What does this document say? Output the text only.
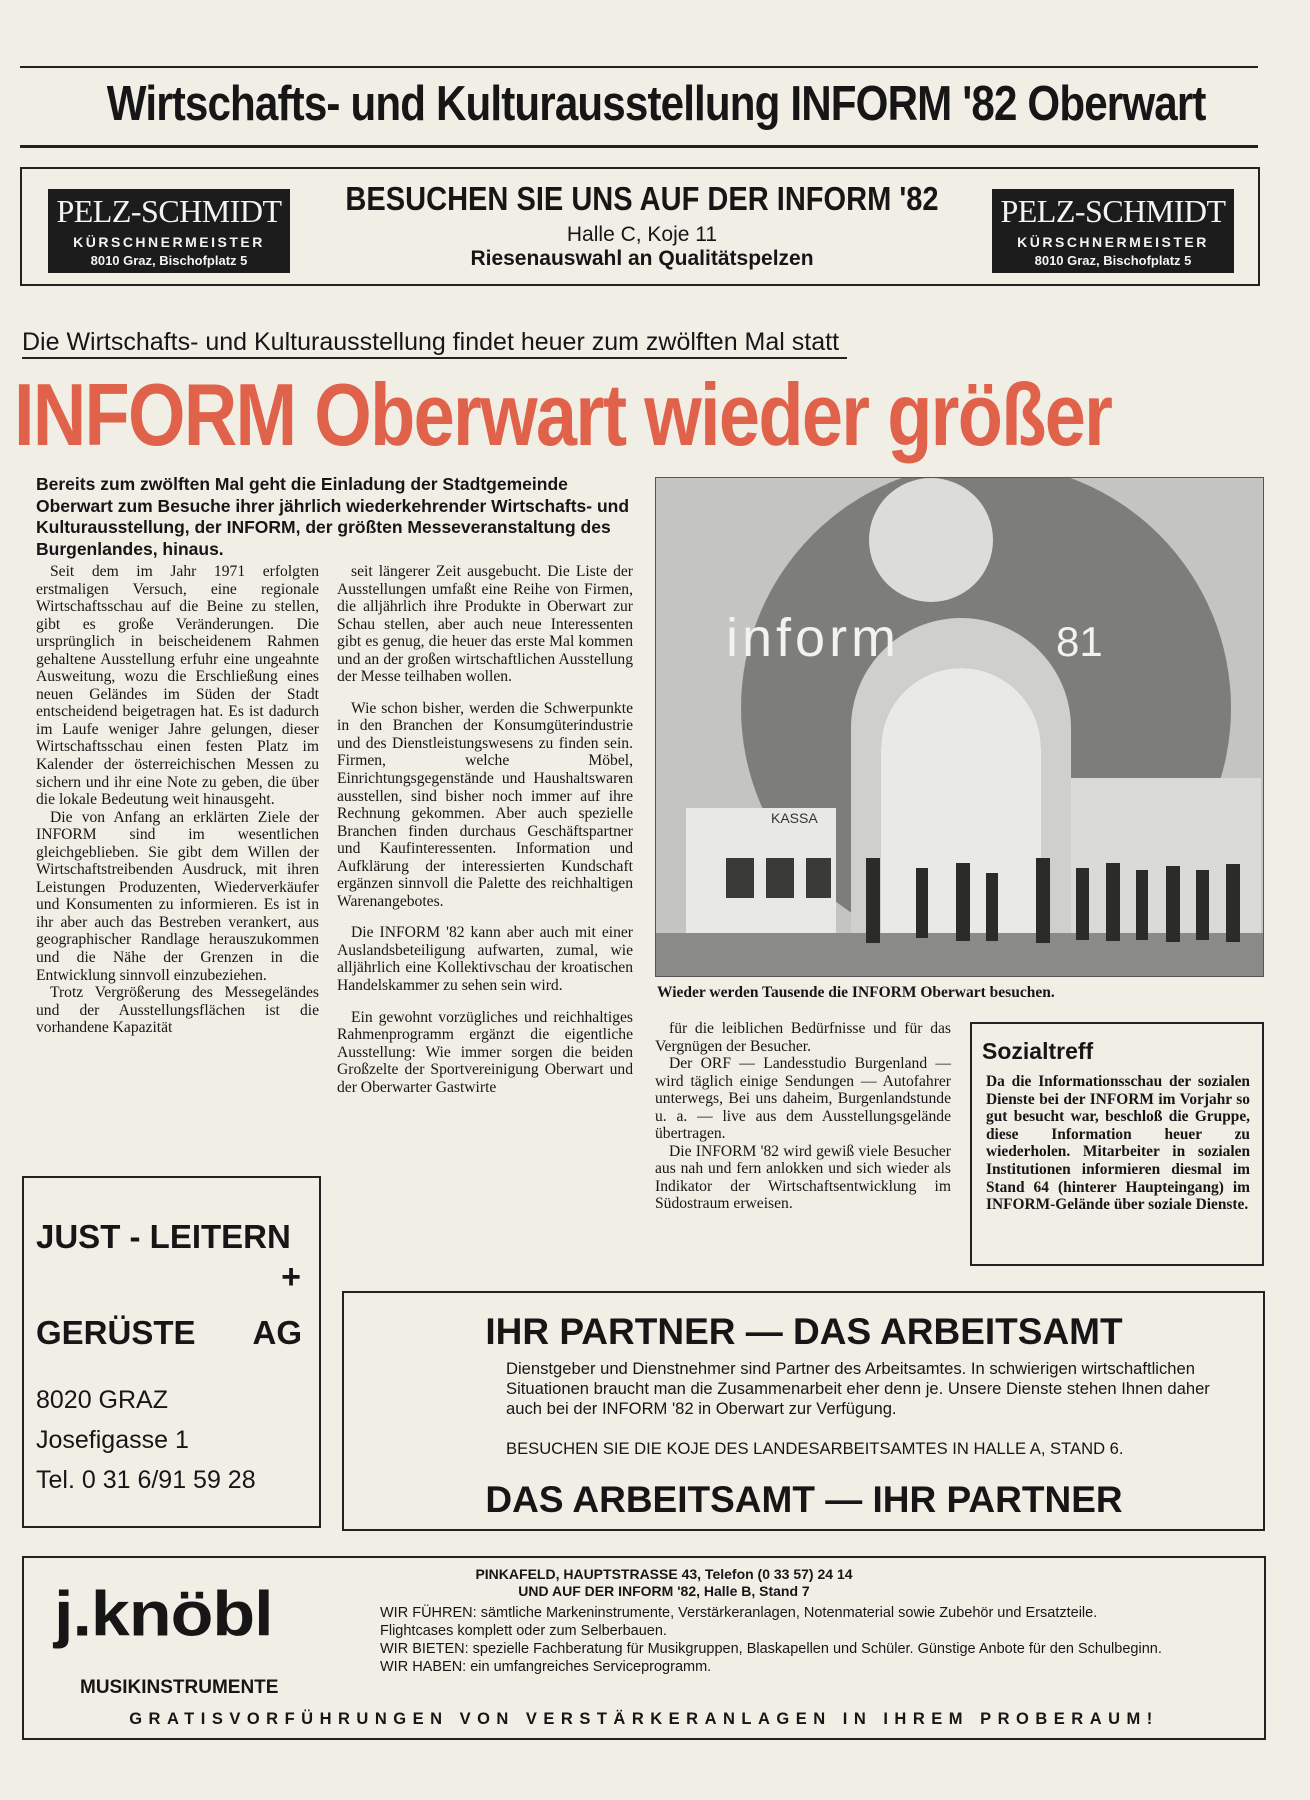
Wirtschafts- und Kulturausstellung INFORM '82 Oberwart
PELZ-SCHMIDT
KÜRSCHNERMEISTER
8010 Graz, Bischofplatz 5
BESUCHEN SIE UNS AUF DER INFORM '82
Halle C, Koje 11
Riesenauswahl an Qualitätspelzen
PELZ-SCHMIDT
KÜRSCHNERMEISTER
8010 Graz, Bischofplatz 5
Die Wirtschafts- und Kulturausstellung findet heuer zum zwölften Mal statt
INFORM Oberwart wieder größer
Bereits zum zwölften Mal geht die Einladung der Stadtgemeinde Oberwart zum Besuche ihrer jährlich wiederkehrender Wirtschafts- und Kulturausstellung, der INFORM, der größten Messeveranstaltung des Burgenlandes, hinaus.

Seit dem im Jahr 1971 erfolgten erstmaligen Versuch, eine regionale Wirtschaftsschau auf die Beine zu stellen, gibt es große Veränderungen. Die ursprünglich in beischeidenem Rahmen gehaltene Ausstellung erfuhr eine ungeahnte Ausweitung, wozu die Erschließung eines neuen Geländes im Süden der Stadt entscheidend beigetragen hat. Es ist dadurch im Laufe weniger Jahre gelungen, dieser Wirtschaftsschau einen festen Platz im Kalender der österreichischen Messen zu sichern und ihr eine Note zu geben, die über die lokale Bedeutung weit hinausgeht.

Die von Anfang an erklärten Ziele der INFORM sind im wesentlichen gleichgeblieben. Sie gibt dem Willen der Wirtschaftstreibenden Ausdruck, mit ihren Leistungen Produzenten, Wiederverkäufer und Konsumenten zu informieren. Es ist in ihr aber auch das Bestreben verankert, aus geographischer Randlage herauszukommen und die Nähe der Grenzen in die Entwicklung sinnvoll einzubeziehen.

Trotz Vergrößerung des Messegeländes und der Ausstellungsflächen ist die vorhandene Kapazität

seit längerer Zeit ausgebucht. Die Liste der Ausstellungen umfaßt eine Reihe von Firmen, die alljährlich ihre Produkte in Oberwart zur Schau stellen, aber auch neue Interessenten gibt es genug, die heuer das erste Mal kommen und an der großen wirtschaftlichen Ausstellung der Messe teilhaben wollen.

Wie schon bisher, werden die Schwerpunkte in den Branchen der Konsumgüterindustrie und des Dienstleistungswesens zu finden sein. Firmen, welche Möbel, Einrichtungsgegenstände und Haushaltswaren ausstellen, sind bisher noch immer auf ihre Rechnung gekommen. Aber auch spezielle Branchen finden durchaus Geschäftspartner und Kaufinteressenten. Information und Aufklärung der interessierten Kundschaft ergänzen sinnvoll die Palette des reichhaltigen Warenangebotes.

Die INFORM '82 kann aber auch mit einer Auslandsbeteiligung aufwarten, zumal, wie alljährlich eine Kollektivschau der kroatischen Handelskammer zu sehen sein wird.

Ein gewohnt vorzügliches und reichhaltiges Rahmenprogramm ergänzt die eigentliche Ausstellung: Wie immer sorgen die beiden Großzelte der Sportvereinigung Oberwart und der Oberwarter Gastwirte

KASSA
inform	81
Wieder werden Tausende die INFORM Oberwart besuchen.

für die leiblichen Bedürfnisse und für das Vergnügen der Besucher.

Der ORF — Landesstudio Burgenland — wird täglich einige Sendungen — Autofahrer unterwegs, Bei uns daheim, Burgenlandstunde u. a. — live aus dem Ausstellungsgelände übertragen.

Die INFORM '82 wird gewiß viele Besucher aus nah und fern anlokken und sich wieder als Indikator der Wirtschaftsentwicklung im Südostraum erweisen.

Sozialtreff
Da die Informationsschau der sozialen Dienste bei der INFORM im Vorjahr so gut besucht war, beschloß die Gruppe, diese Information heuer zu wiederholen. Mitarbeiter in sozialen Institutionen informieren diesmal im Stand 64 (hinterer Haupteingang) im INFORM-Gelände über soziale Dienste.
JUST - LEITERN
+
GERÜSTE AG
8020 GRAZ
Josefigasse 1
Tel. 0 31 6/91 59 28
IHR PARTNER — DAS ARBEITSAMT
Dienstgeber und Dienstnehmer sind Partner des Arbeitsamtes. In schwierigen wirtschaftlichen Situationen braucht man die Zusammenarbeit eher denn je. Unsere Dienste stehen Ihnen daher auch bei der INFORM '82 in Oberwart zur Verfügung.
BESUCHEN SIE DIE KOJE DES LANDESARBEITSAMTES IN HALLE A, STAND 6.
DAS ARBEITSAMT — IHR PARTNER
j.knöbl
MUSIKINSTRUMENTE
PINKAFELD, HAUPTSTRASSE 43, Telefon (0 33 57) 24 14
UND AUF DER INFORM '82, Halle B, Stand 7
WIR FÜHREN: sämtliche Markeninstrumente, Verstärkeranlagen, Notenmaterial sowie Zubehör und Ersatzteile. Flightcases komplett oder zum Selberbauen.
WIR BIETEN: spezielle Fachberatung für Musikgruppen, Blaskapellen und Schüler. Günstige Anbote für den Schulbeginn.
WIR HABEN: ein umfangreiches Serviceprogramm.
GRATISVORFÜHRUNGEN VON VERSTÄRKERANLAGEN IN IHREM PROBERAUM!
